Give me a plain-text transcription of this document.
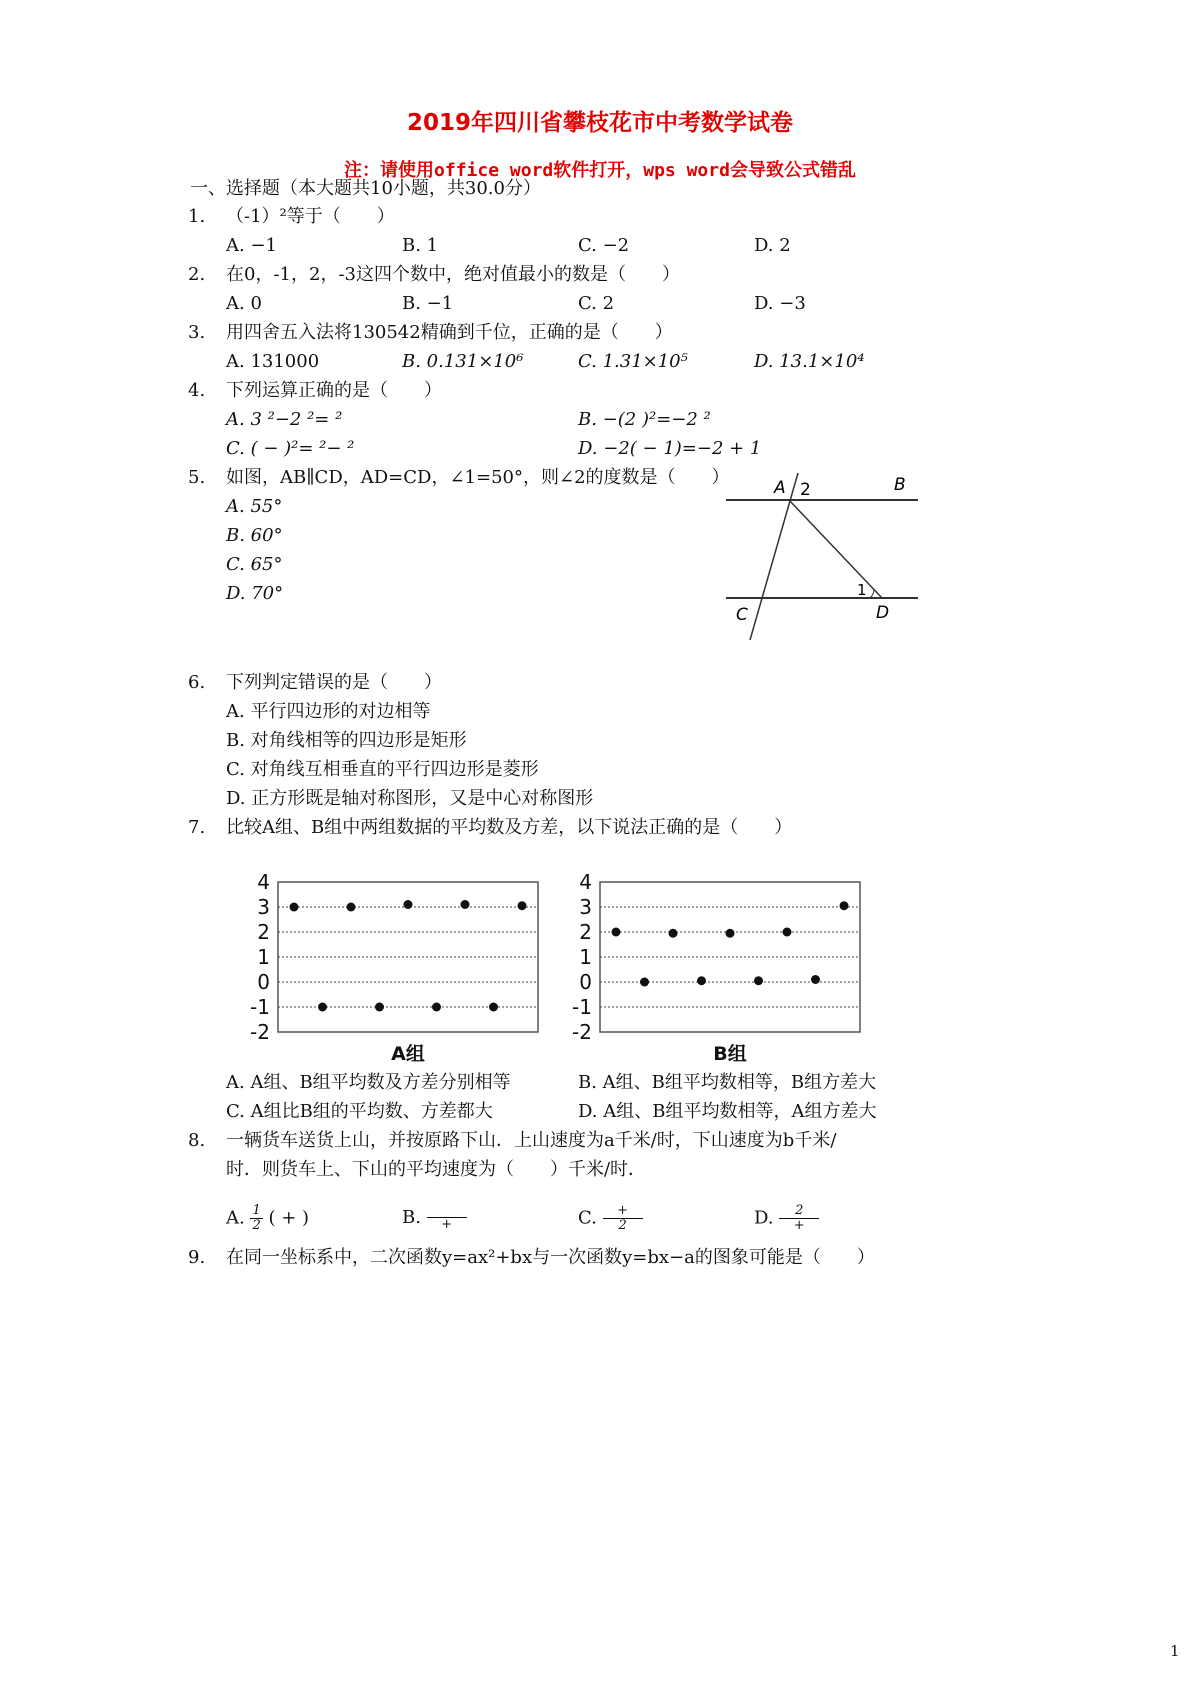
2019年四川省攀枝花市中考数学试卷
注：请使用office word软件打开，wps word会导致公式错乱
一、选择题（本大题共10小题，共30.0分）
1. （-1）²等于（　　）
A. −1	B. 1	C. −2	D. 2
2. 在0，-1，2，-3这四个数中，绝对值最小的数是（　　）
A. 0	B. −1	C. 2	D. −3
3. 用四舍五入法将130542精确到千位，正确的是（　　）
A. 131000	B. 0.131×10⁶	C. 1.31×10⁵	D. 13.1×10⁴
4. 下列运算正确的是（　　）
A. 3 ²−2 ²= ²	B. −(2 )²=−2 ²
C. ( − )²= ²− ²	D. −2( − 1)=−2 + 1
5. 如图，AB∥CD，AD=CD，∠1=50°，则∠2的度数是（　　）
A. 55°
B. 60°
C. 65°
D. 70°
A 2	B
1
C	D
6. 下列判定错误的是（　　）
A. 平行四边形的对边相等
B. 对角线相等的四边形是矩形
C. 对角线互相垂直的平行四边形是菱形
D. 正方形既是轴对称图形，又是中心对称图形
7. 比较A组、B组中两组数据的平均数及方差，以下说法正确的是（　　）
4
3
2
1
0
-1
-2
A组
4
3
2
1
0
-1
-2
B组
A. A组、B组平均数及方差分别相等	B. A组、B组平均数相等，B组方差大
C. A组比B组的平均数、方差都大	D. A组、B组平均数相等，A组方差大
8. 一辆货车送货上山，并按原路下山．上山速度为a千米/时，下山速度为b千米/
时．则货车上、下山的平均速度为（　　）千米/时．
A. $\frac{1}{2}$ ( + )	B.	+	C. $\frac{+}{2}$	D. $\frac{2}{+}$
9. 在同一坐标系中，二次函数y=ax²+bx与一次函数y=bx−a的图象可能是（　　）
1
